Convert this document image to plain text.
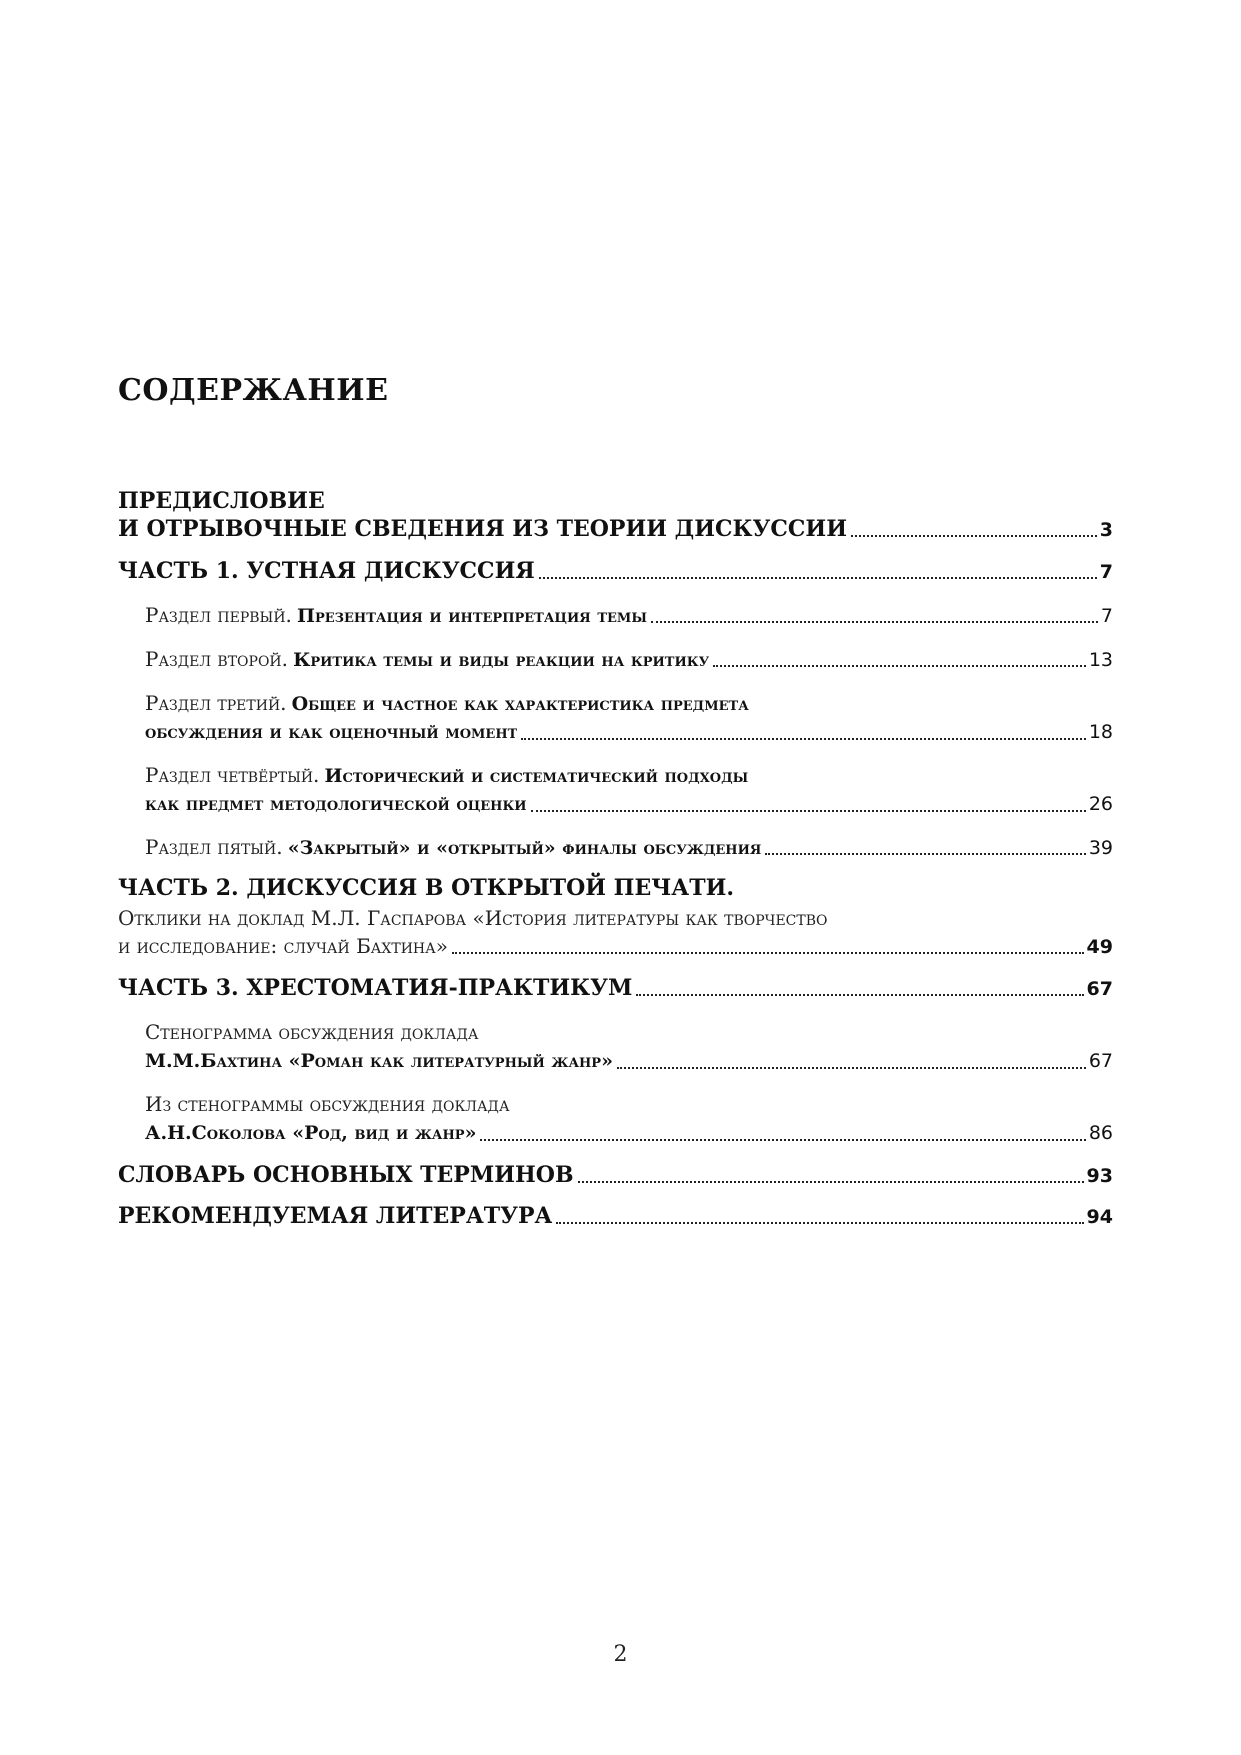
СОДЕРЖАНИЕ
ПРЕДИСЛОВИЕ
И ОТРЫВОЧНЫЕ СВЕДЕНИЯ ИЗ ТЕОРИИ ДИСКУССИИ	3
ЧАСТЬ 1. УСТНАЯ ДИСКУССИЯ	7
Раздел первый. Презентация и интерпретация темы	7
Раздел второй. Критика темы и виды реакции на критику	13
Раздел третий. Общее и частное как характеристика предмета
обсуждения и как оценочный момент	18
Раздел четвёртый. Исторический и систематический подходы
как предмет методологической оценки	26
Раздел пятый. «Закрытый» и «открытый» финалы обсуждения	39
ЧАСТЬ 2. ДИСКУССИЯ В ОТКРЫТОЙ ПЕЧАТИ.
Отклики на доклад М.Л. Гаспарова «История литературы как творчество
и исследование: случай Бахтина»	49
ЧАСТЬ 3. ХРЕСТОМАТИЯ-ПРАКТИКУМ	67
Стенограмма обсуждения доклада
М.М.Бахтина «Роман как литературный жанр»	67
Из стенограммы обсуждения доклада
А.Н.Соколова «Род, вид и жанр»	86
СЛОВАРЬ ОСНОВНЫХ ТЕРМИНОВ	93
РЕКОМЕНДУЕМАЯ ЛИТЕРАТУРА	94
2
